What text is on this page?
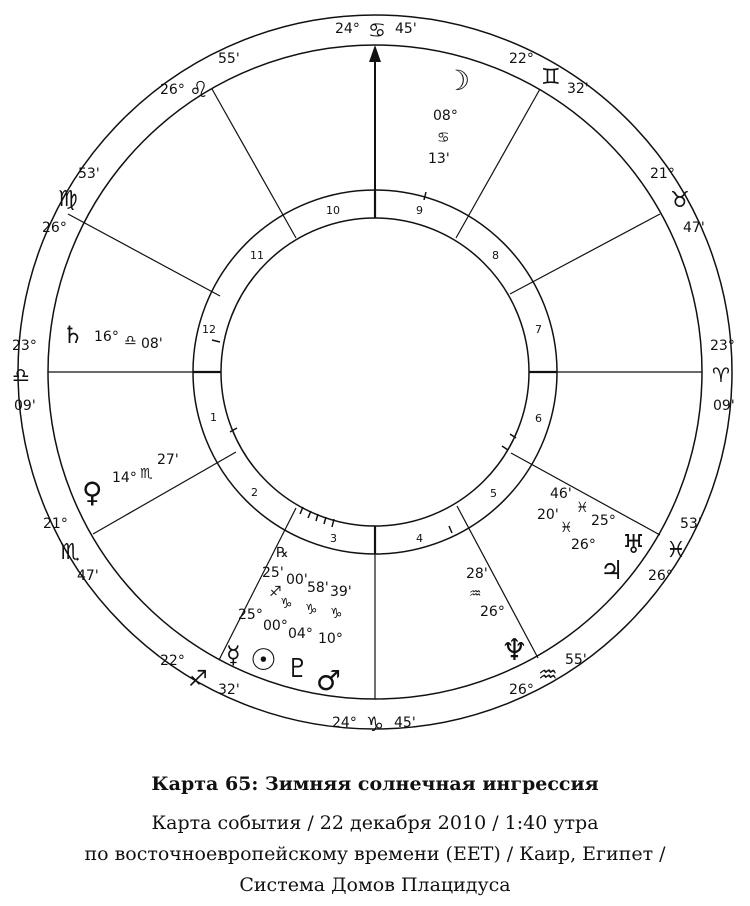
1
2
3	4
5
6
7
8
9
10
11
12
24° ♋ 45'
24° ♑ 45'
23°
♎
09'
23°
♈
09'
26° ♌
55'
53'
♍
26°
21°
♏
47'
22°
♐ 32'	26°
♒
55'
53'
♓
26°
21°
♉
47'
22°
♊ 32'
☽
08°
♋
13'
♄ 16° ♎ 08'
♀ 14° ♏
27'
℞
25'
♐
25°
☿
00'
♑
00°
☉
58'
♑
04°
♇
39'
♑
10°
♂
28'
♒
26°
♆
46'
♓
25°
♃
20'
♓
26° ♅
Карта 65: Зимняя солнечная ингрессия
Карта события / 22 декабря 2010 / 1:40 утра
по восточноевропейскому времени (EET) / Каир, Египет /
Система Домов Плацидуса
